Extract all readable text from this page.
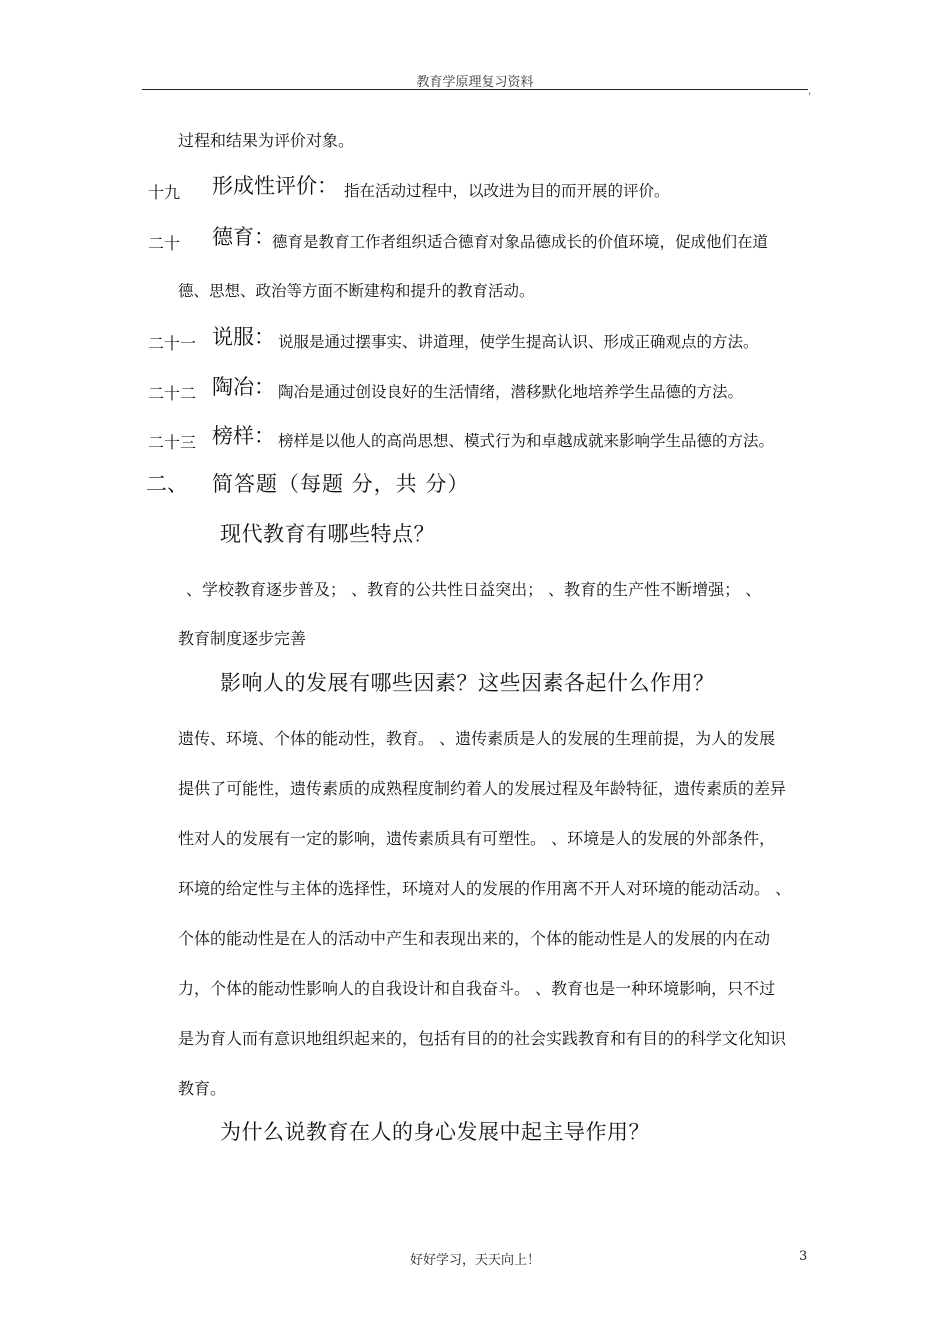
教育学原理复习资料
,
过程和结果为评价对象。
十九 形成性评价： 指在活动过程中，以改进为目的而开展的评价。
二十 德育：
德育是教育工作者组织适合德育对象品德成长的价值环境，促成他们在道
德、思想、政治等方面不断建构和提升的教育活动。
二十一 说服： 说服是通过摆事实、讲道理，使学生提高认识、形成正确观点的方法。
二十二 陶冶： 陶冶是通过创设良好的生活情绪，潜移默化地培养学生品德的方法。
二十三 榜样： 榜样是以他人的高尚思想、模式行为和卓越成就来影响学生品德的方法。
二、 简答题（每题 分，共 分）
现代教育有哪些特点？
、学校教育逐步普及； 、教育的公共性日益突出； 、教育的生产性不断增强； 、
教育制度逐步完善
影响人的发展有哪些因素？这些因素各起什么作用？
遗传、环境、个体的能动性，教育。 、遗传素质是人的发展的生理前提，为人的发展
提供了可能性，遗传素质的成熟程度制约着人的发展过程及年龄特征，遗传素质的差异
性对人的发展有一定的影响，遗传素质具有可塑性。 、环境是人的发展的外部条件，
环境的给定性与主体的选择性，环境对人的发展的作用离不开人对环境的能动活动。 、
个体的能动性是在人的活动中产生和表现出来的，个体的能动性是人的发展的内在动
力，个体的能动性影响人的自我设计和自我奋斗。 、教育也是一种环境影响，只不过
是为育人而有意识地组织起来的，包括有目的的社会实践教育和有目的的科学文化知识
教育。
为什么说教育在人的身心发展中起主导作用？
好好学习，天天向上！	3
